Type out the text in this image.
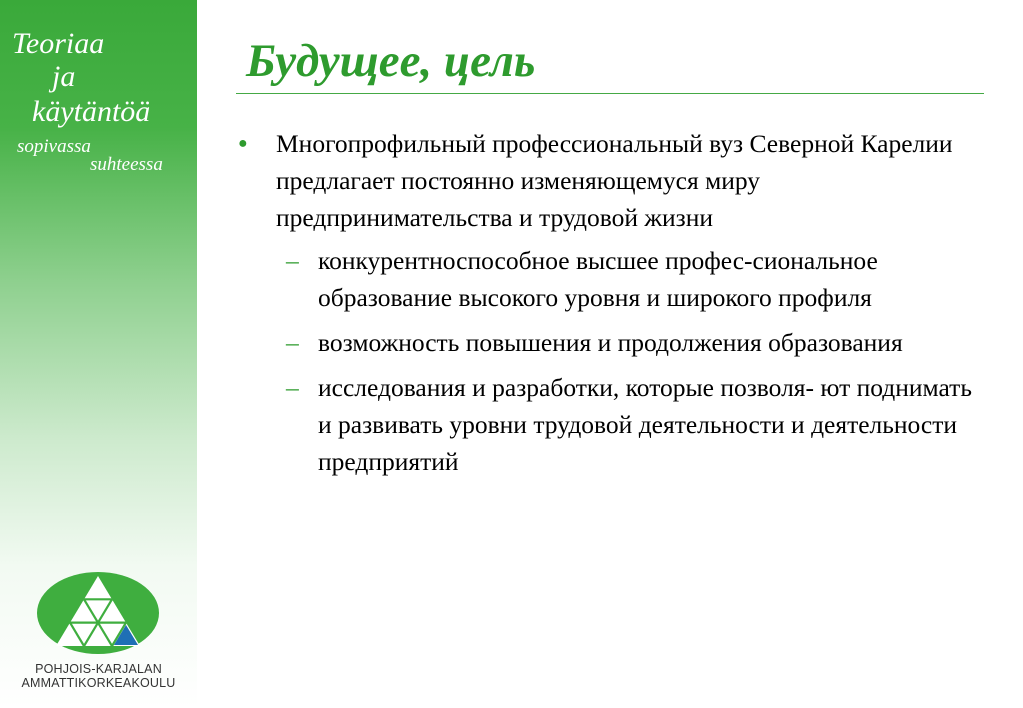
Teoriaa
ja
käytäntöä
sopivassa
suhteessa
POHJOIS-KARJALAN
AMMATTIKORKEAKOULU
Будущее, цель
● Многопрофильный профессиональный вуз Северной Карелии предлагает постоянно изменяющемуся миру предпринимательства и трудовой жизни
– конкурентноспособное высшее профес-сиональное образование высокого уровня и широкого профиля
– возможность повышения и продолжения образования
– исследования и разработки, которые позволя- ют поднимать и развивать уровни трудовой деятельности и деятельности предприятий
